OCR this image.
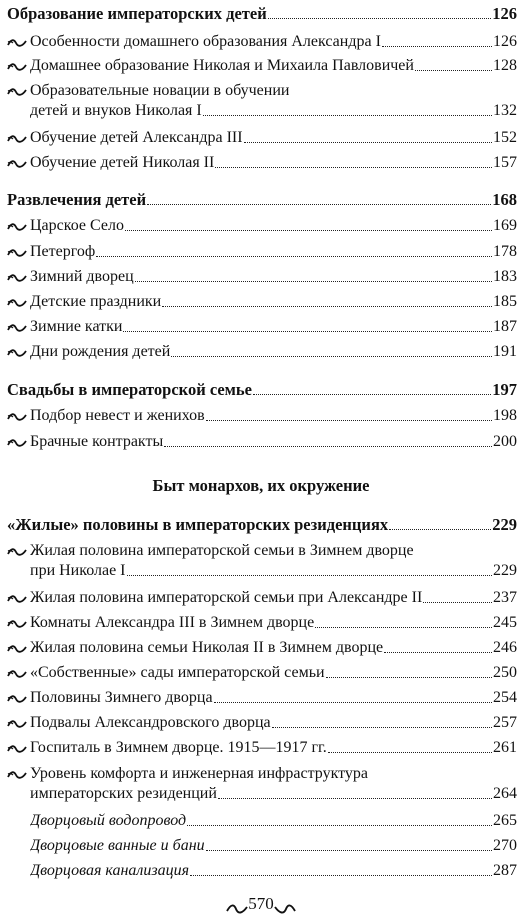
Образование императорских детей	126
Особенности домашнего образования Александра I	126
Домашнее образование Николая и Михаила Павловичей	128
Образовательные новации в обучении
детей и внуков Николая I	132
Обучение детей Александра III	152
Обучение детей Николая II	157
Развлечения детей	168
Царское Село	169
Петергоф	178
Зимний дворец	183
Детские праздники	185
Зимние катки	187
Дни рождения детей	191
Свадьбы в императорской семье	197
Подбор невест и женихов	198
Брачные контракты	200
Быт монархов, их окружение
«Жилые» половины в императорских резиденциях	229
Жилая половина императорской семьи в Зимнем дворце
при Николае I	229
Жилая половина императорской семьи при Александре II	237
Комнаты Александра III в Зимнем дворце	245
Жилая половина семьи Николая II в Зимнем дворце	246
«Собственные» сады императорской семьи	250
Половины Зимнего дворца	254
Подвалы Александровского дворца	257
Госпиталь в Зимнем дворце. 1915—1917 гг.	261
Уровень комфорта и инженерная инфраструктура
императорских резиденций	264
Дворцовый водопровод	265
Дворцовые ванные и бани	270
Дворцовая канализация	287
570
